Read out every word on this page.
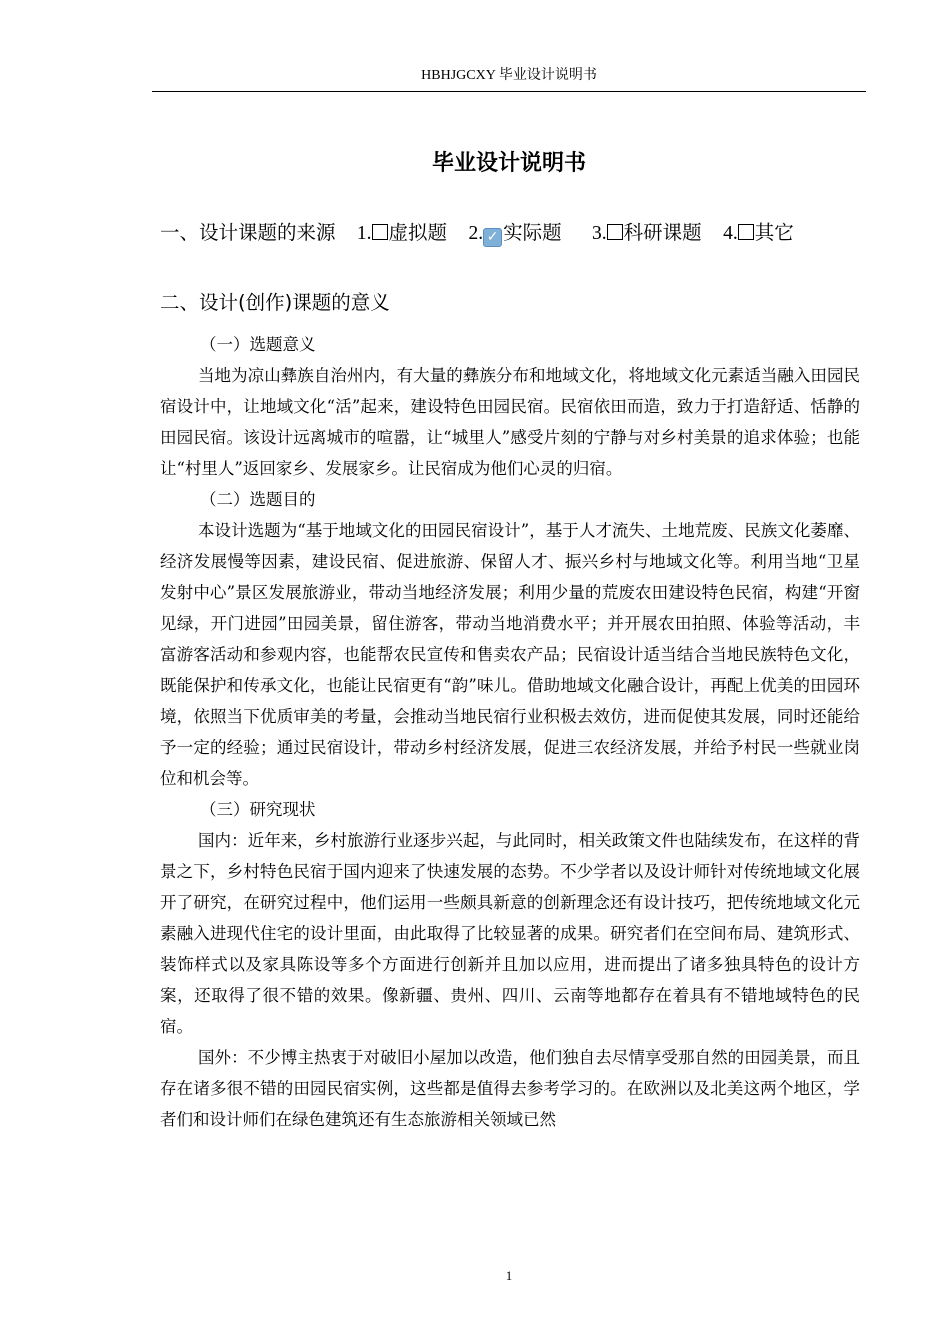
HBHJGCXY 毕业设计说明书
毕业设计说明书
一、设计课题的来源 1. 虚拟题 2. ✓ 实际题 3. 科研课题 4. 其它
二、设计(创作)课题的意义

（一）选题意义

当地为凉山彝族自治州内，有大量的彝族分布和地域文化，将地域文化元素适当融入田园民宿设计中，让地域文化“活”起来，建设特色田园民宿。民宿依田而造，致力于打造舒适、恬静的田园民宿。该设计远离城市的喧嚣，让“城里人”感受片刻的宁静与对乡村美景的追求体验；也能让“村里人”返回家乡、发展家乡。让民宿成为他们心灵的归宿。

（二）选题目的

本设计选题为“基于地域文化的田园民宿设计”，基于人才流失、土地荒废、民族文化萎靡、经济发展慢等因素，建设民宿、促进旅游、保留人才、振兴乡村与地域文化等。利用当地“卫星发射中心”景区发展旅游业，带动当地经济发展；利用少量的荒废农田建设特色民宿，构建“开窗见绿，开门进园”田园美景，留住游客，带动当地消费水平；并开展农田拍照、体验等活动，丰富游客活动和参观内容，也能帮农民宣传和售卖农产品；民宿设计适当结合当地民族特色文化，既能保护和传承文化，也能让民宿更有“韵”味儿。借助地域文化融合设计，再配上优美的田园环境，依照当下优质审美的考量，会推动当地民宿行业积极去效仿，进而促使其发展，同时还能给予一定的经验；通过民宿设计，带动乡村经济发展，促进三农经济发展，并给予村民一些就业岗位和机会等。

（三）研究现状

国内：近年来，乡村旅游行业逐步兴起，与此同时，相关政策文件也陆续发布，在这样的背景之下，乡村特色民宿于国内迎来了快速发展的态势。不少学者以及设计师针对传统地域文化展开了研究，在研究过程中，他们运用一些颇具新意的创新理念还有设计技巧，把传统地域文化元素融入进现代住宅的设计里面，由此取得了比较显著的成果。研究者们在空间布局、建筑形式、装饰样式以及家具陈设等多个方面进行创新并且加以应用，进而提出了诸多独具特色的设计方案，还取得了很不错的效果。像新疆、贵州、四川、云南等地都存在着具有不错地域特色的民宿。

国外：不少博主热衷于对破旧小屋加以改造，他们独自去尽情享受那自然的田园美景，而且存在诸多很不错的田园民宿实例，这些都是值得去参考学习的。在欧洲以及北美这两个地区，学者们和设计师们在绿色建筑还有生态旅游相关领域已然

1
